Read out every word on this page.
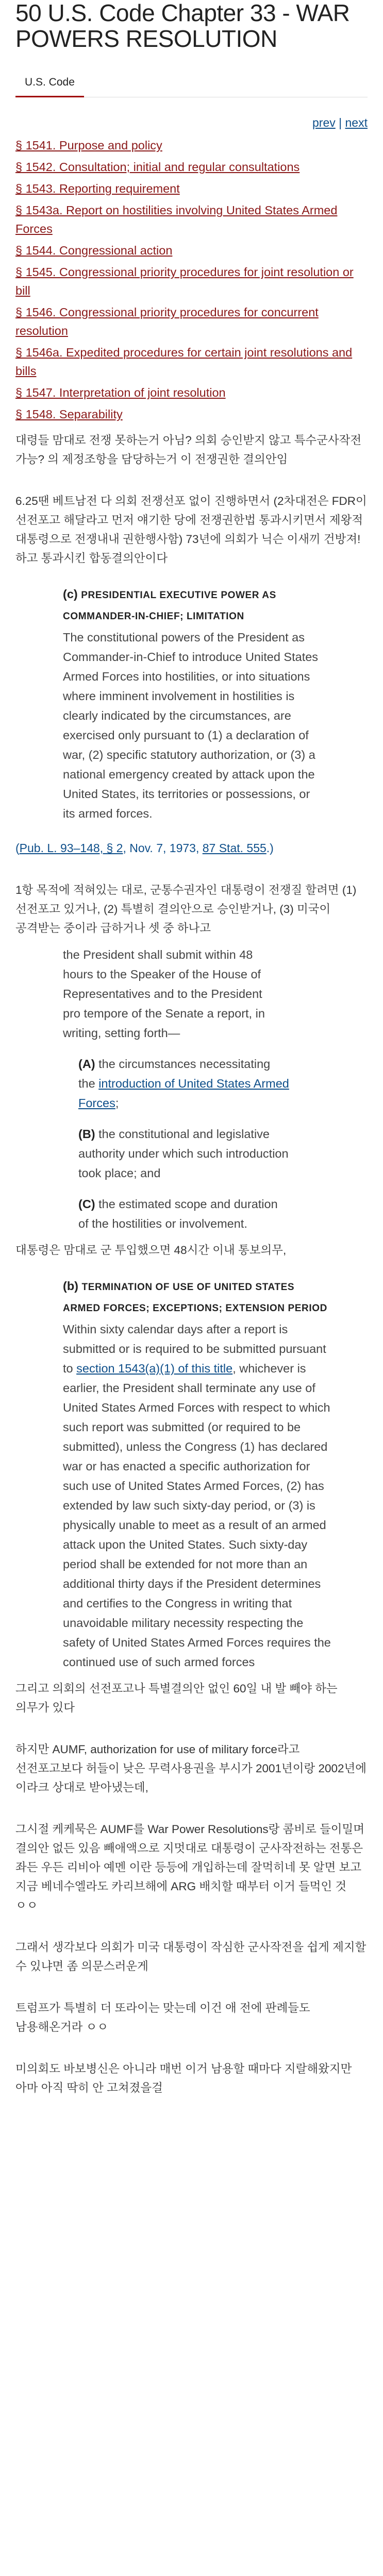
50 U.S. Code Chapter 33 - WAR POWERS RESOLUTION
U.S. Code
prev | next
§ 1541. Purpose and policy
§ 1542. Consultation; initial and regular consultations
§ 1543. Reporting requirement
§ 1543a. Report on hostilities involving United States Armed Forces
§ 1544. Congressional action
§ 1545. Congressional priority procedures for joint resolution or bill
§ 1546. Congressional priority procedures for concurrent resolution
§ 1546a. Expedited procedures for certain joint resolutions and bills
§ 1547. Interpretation of joint resolution
§ 1548. Separability

대령들 맘대로 전쟁 못하는거 아님? 의회 승인받지 않고 특수군사작전 가능? 의 제정조항을 담당하는거 이 전쟁권한 결의안임

6.25땐 베트남전 다 의회 전쟁선포 없이 진행하면서 (2차대전은 FDR이 선전포고 해달라고 먼저 얘기한 당에 전쟁권한법 통과시키면서 제왕적 대통령으로 전쟁내내 권한행사함) 73년에 의회가 닉슨 이새끼 건방져! 하고 통과시킨 합동결의안이다

(c) PRESIDENTIAL EXECUTIVE POWER AS COMMANDER-IN-CHIEF; LIMITATION
The constitutional powers of the President as Commander-in-Chief to introduce United States Armed Forces into hostilities, or into situations where imminent involvement in hostilities is clearly indicated by the circumstances, are exercised only pursuant to (1) a declaration of war, (2) specific statutory authorization, or (3) a national emergency created by attack upon the United States, its territories or possessions, or its armed forces.
(Pub. L. 93–148, § 2, Nov. 7, 1973, 87 Stat. 555.)

1항 목적에 적혀있는 대로, 군통수권자인 대통령이 전쟁질 할려면 (1) 선전포고 있거나, (2) 특별히 결의안으로 승인받거나, (3) 미국이 공격받는 중이라 급하거나 셋 중 하나고

the President shall submit within 48 hours to the Speaker of the House of Representatives and to the President pro tempore of the Senate a report, in writing, setting forth—
(A) the circumstances necessitating the introduction of United States Armed Forces;
(B) the constitutional and legislative authority under which such introduction took place; and
(C) the estimated scope and duration of the hostilities or involvement.

대통령은 맘대로 군 투입했으면 48시간 이내 통보의무,

(b) TERMINATION OF USE OF UNITED STATES ARMED FORCES; EXCEPTIONS; EXTENSION PERIOD
Within sixty calendar days after a report is submitted or is required to be submitted pursuant to section 1543(a)(1) of this title, whichever is earlier, the President shall terminate any use of United States Armed Forces with respect to which such report was submitted (or required to be submitted), unless the Congress (1) has declared war or has enacted a specific authorization for such use of United States Armed Forces, (2) has extended by law such sixty-day period, or (3) is physically unable to meet as a result of an armed attack upon the United States. Such sixty-day period shall be extended for not more than an additional thirty days if the President determines and certifies to the Congress in writing that unavoidable military necessity respecting the safety of United States Armed Forces requires the continued use of such armed forces

그리고 의회의 선전포고나 특별결의안 없인 60일 내 발 빼야 하는 의무가 있다

하지만 AUMF, authorization for use of military force라고 선전포고보다 허들이 낮은 무력사용권을 부시가 2001년이랑 2002년에 이라크 상대로 받아냈는데,

그시절 케케묵은 AUMF를 War Power Resolutions랑 콤비로 들이밀며 결의안 없든 있음 빼애액으로 지멋대로 대통령이 군사작전하는 전통은 좌든 우든 리비아 예멘 이란 등등에 개입하는데 잘먹히네 못 알면 보고 지금 베네수엘라도 카리브해에 ARG 배치할 때부터 이거 들먹인 것 ㅇㅇ

그래서 생각보다 의회가 미국 대통령이 작심한 군사작전을 쉽게 제지할 수 있냐면 좀 의문스러운게

트럼프가 특별히 더 또라이는 맞는데 이건 애 전에 판례들도 남용해온거라 ㅇㅇ

미의회도 바보병신은 아니라 매번 이거 남용할 때마다 지랄해왔지만 아마 아직 딱히 안 고쳐졌을걸
